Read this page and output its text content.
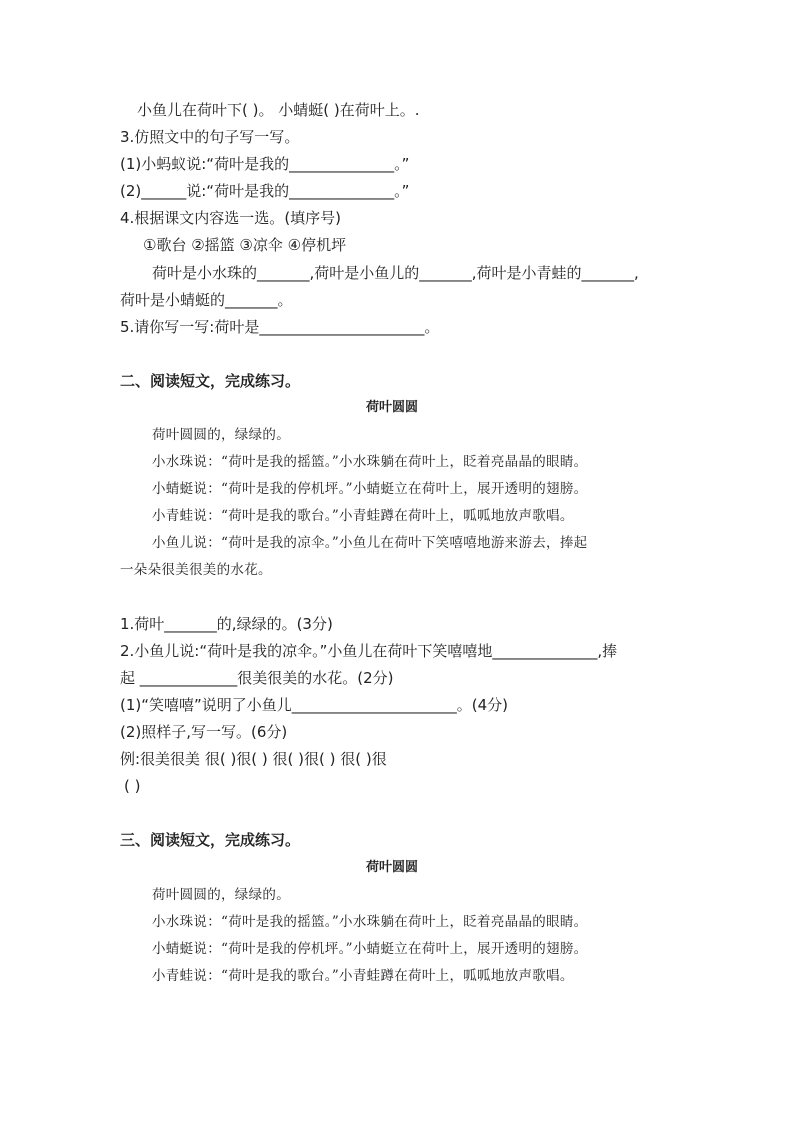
小鱼儿在荷叶下( )。 小蜻蜓( )在荷叶上。.
3.仿照文中的句子写一写。
(1)小蚂蚁说:“荷叶是我的______________。”
(2)______说:“荷叶是我的______________。”
4.根据课文内容选一选。(填序号)
①歌台 ②摇篮 ③凉伞 ④停机坪
荷叶是小水珠的_______,荷叶是小鱼儿的_______,荷叶是小青蛙的_______,
荷叶是小蜻蜓的_______。
5.请你写一写:荷叶是______________________。
二、阅读短文，完成练习。
荷叶圆圆
荷叶圆圆的，绿绿的。
小水珠说：“荷叶是我的摇篮。”小水珠躺在荷叶上，眨着亮晶晶的眼睛。
小蜻蜓说：“荷叶是我的停机坪。”小蜻蜓立在荷叶上，展开透明的翅膀。
小青蛙说：“荷叶是我的歌台。”小青蛙蹲在荷叶上，呱呱地放声歌唱。
小鱼儿说：“荷叶是我的凉伞。”小鱼儿在荷叶下笑嘻嘻地游来游去，捧起
一朵朵很美很美的水花。
1.荷叶_______的,绿绿的。(3分)
2.小鱼儿说:“荷叶是我的凉伞。”小鱼儿在荷叶下笑嘻嘻地______________,捧
起 _____________很美很美的水花。(2分)
(1)“笑嘻嘻”说明了小鱼儿______________________。(4分)
(2)照样子,写一写。(6分)
例:很美很美 很( )很( ) 很( )很( ) 很( )很
( )
三、阅读短文，完成练习。
荷叶圆圆
荷叶圆圆的，绿绿的。
小水珠说：“荷叶是我的摇篮。”小水珠躺在荷叶上，眨着亮晶晶的眼睛。
小蜻蜓说：“荷叶是我的停机坪。”小蜻蜓立在荷叶上，展开透明的翅膀。
小青蛙说：“荷叶是我的歌台。”小青蛙蹲在荷叶上，呱呱地放声歌唱。
